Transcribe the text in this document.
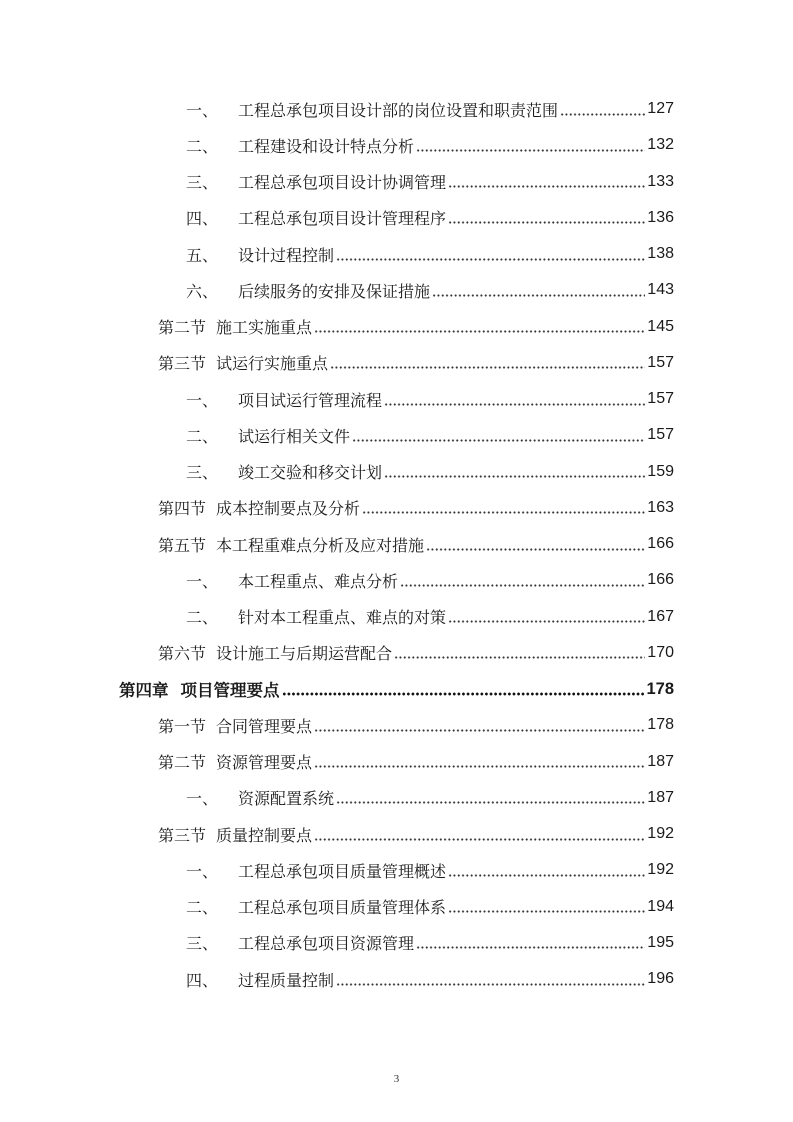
一、 工程总承包项目设计部的岗位设置和职责范围	127
二、 工程建设和设计特点分析	132
三、 工程总承包项目设计协调管理	133
四、 工程总承包项目设计管理程序	136
五、 设计过程控制	138
六、 后续服务的安排及保证措施	143
第二节 施工实施重点	145
第三节 试运行实施重点	157
一、 项目试运行管理流程	157
二、 试运行相关文件	157
三、 竣工交验和移交计划	159
第四节 成本控制要点及分析	163
第五节 本工程重难点分析及应对措施	166
一、 本工程重点、难点分析	166
二、 针对本工程重点、难点的对策	167
第六节 设计施工与后期运营配合	170
第四章 项目管理要点	178
第一节 合同管理要点	178
第二节 资源管理要点	187
一、 资源配置系统	187
第三节 质量控制要点	192
一、 工程总承包项目质量管理概述	192
二、 工程总承包项目质量管理体系	194
三、 工程总承包项目资源管理	195
四、 过程质量控制	196
3
